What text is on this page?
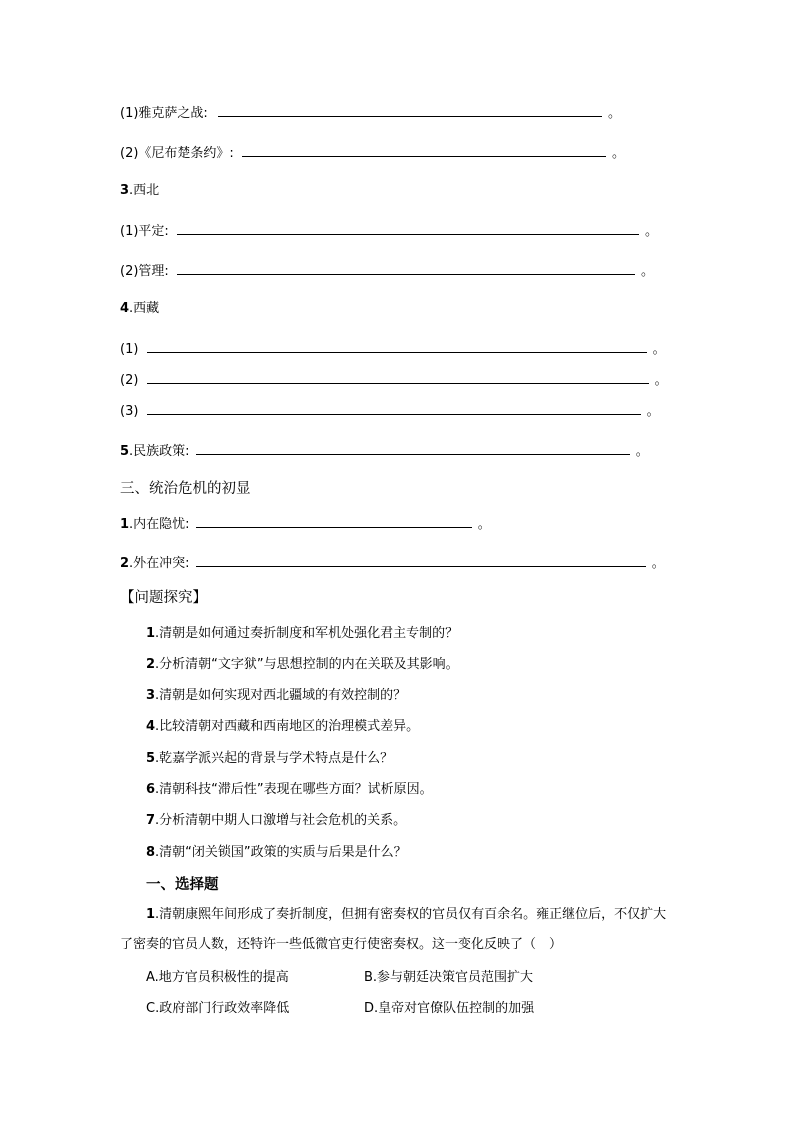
(1)雅克萨之战:	。
(2)《尼布楚条约》:	。
3.西北
(1)平定:	。
(2)管理:	。
4.西藏
(1)	。
(2)	。
(3)	。
5.民族政策:	。
三、统治危机的初显
1.内在隐忧:	。
2.外在冲突:	。
【问题探究】
1.清朝是如何通过奏折制度和军机处强化君主专制的？
2.分析清朝“文字狱”与思想控制的内在关联及其影响。
3.清朝是如何实现对西北疆域的有效控制的？
4.比较清朝对西藏和西南地区的治理模式差异。
5.乾嘉学派兴起的背景与学术特点是什么？
6.清朝科技“滞后性”表现在哪些方面？试析原因。
7.分析清朝中期人口激增与社会危机的关系。
8.清朝“闭关锁国”政策的实质与后果是什么？
一、选择题
1.清朝康熙年间形成了奏折制度，但拥有密奏权的官员仅有百余名。雍正继位后，不仅扩大了密奏的官员人数，还特许一些低微官吏行使密奏权。这一变化反映了（　）
A.地方官员积极性的提高	B.参与朝廷决策官员范围扩大
C.政府部门行政效率降低	D.皇帝对官僚队伍控制的加强
